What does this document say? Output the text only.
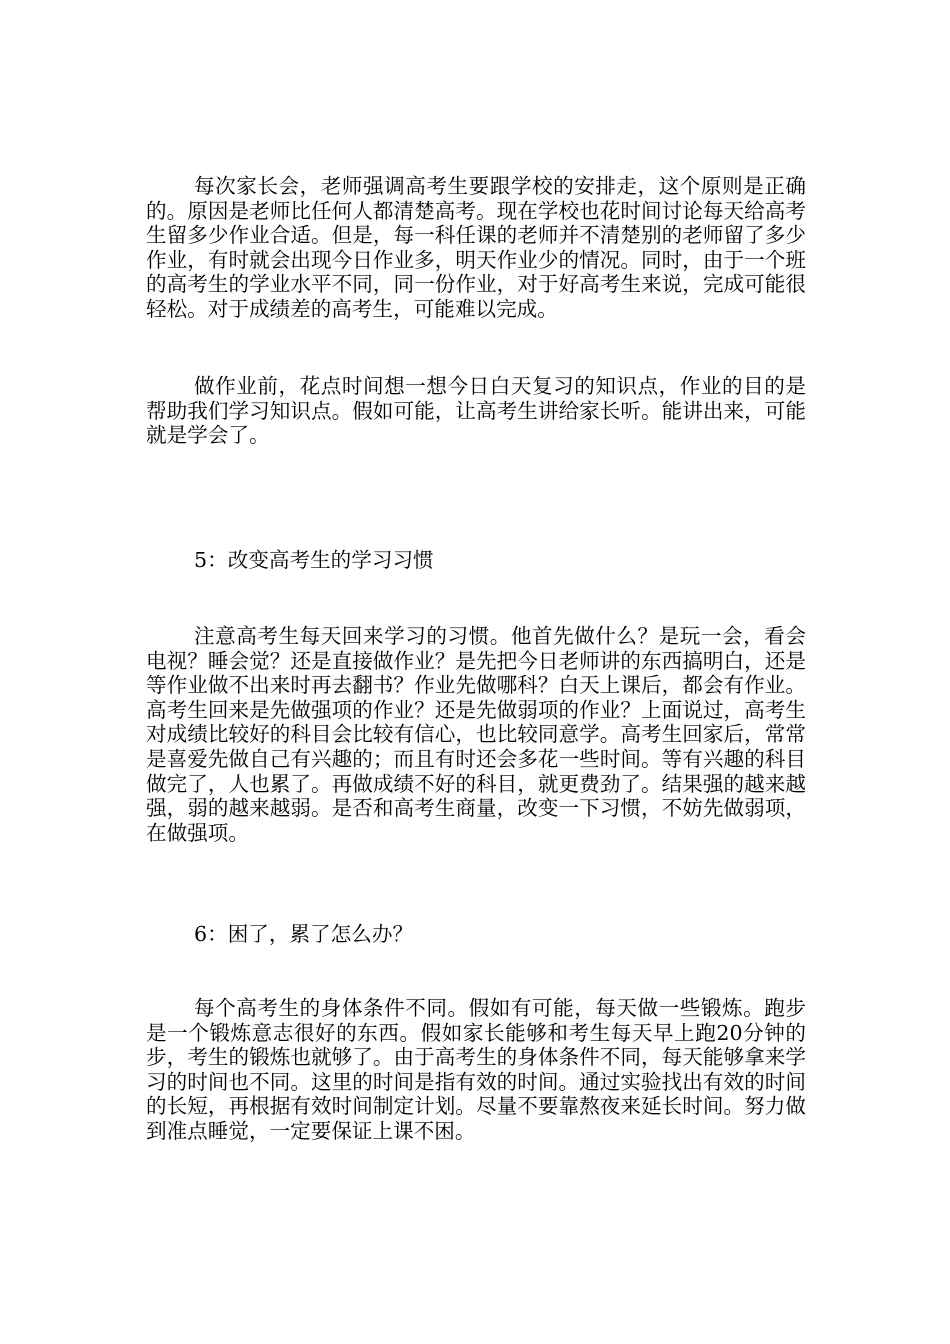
每次家长会，老师强调高考生要跟学校的安排走，这个原则是正确的。原因是老师比任何人都清楚高考。现在学校也花时间讨论每天给高考生留多少作业合适。但是，每一科任课的老师并不清楚别的老师留了多少作业，有时就会出现今日作业多，明天作业少的情况。同时，由于一个班的高考生的学业水平不同，同一份作业，对于好高考生来说，完成可能很轻松。对于成绩差的高考生，可能难以完成。

做作业前，花点时间想一想今日白天复习的知识点，作业的目的是帮助我们学习知识点。假如可能，让高考生讲给家长听。能讲出来，可能就是学会了。

5：改变高考生的学习习惯

注意高考生每天回来学习的习惯。他首先做什么？是玩一会，看会电视？睡会觉？还是直接做作业？是先把今日老师讲的东西搞明白，还是等作业做不出来时再去翻书？作业先做哪科？白天上课后，都会有作业。高考生回来是先做强项的作业？还是先做弱项的作业？上面说过，高考生对成绩比较好的科目会比较有信心，也比较同意学。高考生回家后，常常是喜爱先做自己有兴趣的；而且有时还会多花一些时间。等有兴趣的科目做完了，人也累了。再做成绩不好的科目，就更费劲了。结果强的越来越强，弱的越来越弱。是否和高考生商量，改变一下习惯，不妨先做弱项，在做强项。

6：困了，累了怎么办？

每个高考生的身体条件不同。假如有可能，每天做一些锻炼。跑步是一个锻炼意志很好的东西。假如家长能够和考生每天早上跑20分钟的步，考生的锻炼也就够了。由于高考生的身体条件不同，每天能够拿来学习的时间也不同。这里的时间是指有效的时间。通过实验找出有效的时间的长短，再根据有效时间制定计划。尽量不要靠熬夜来延长时间。努力做到准点睡觉，一定要保证上课不困。
